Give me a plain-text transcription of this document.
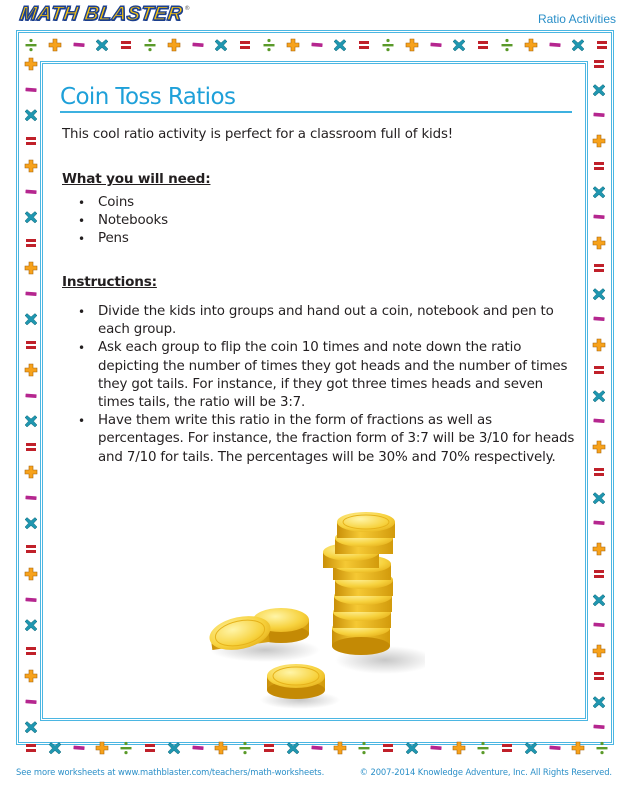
MATH BLASTER ®
Ratio Activities
Coin Toss Ratios
This cool ratio activity is perfect for a classroom full of kids!
What you will need:
• Coins
• Notebooks
• Pens
Instructions:
• Divide the kids into groups and hand out a coin, notebook and pen to each group.
• Ask each group to flip the coin 10 times and note down the ratio depicting the number of times they got heads and the number of times they got tails. For instance, if they got three times heads and seven times tails, the ratio will be 3:7.
• Have them write this ratio in the form of fractions as well as percentages. For instance, the fraction form of 3:7 will be 3/10 for heads and 7/10 for tails. The percentages will be 30% and 70% respectively.
See more worksheets at www.mathblaster.com/teachers/math-worksheets.	© 2007-2014 Knowledge Adventure, Inc. All Rights Reserved.
